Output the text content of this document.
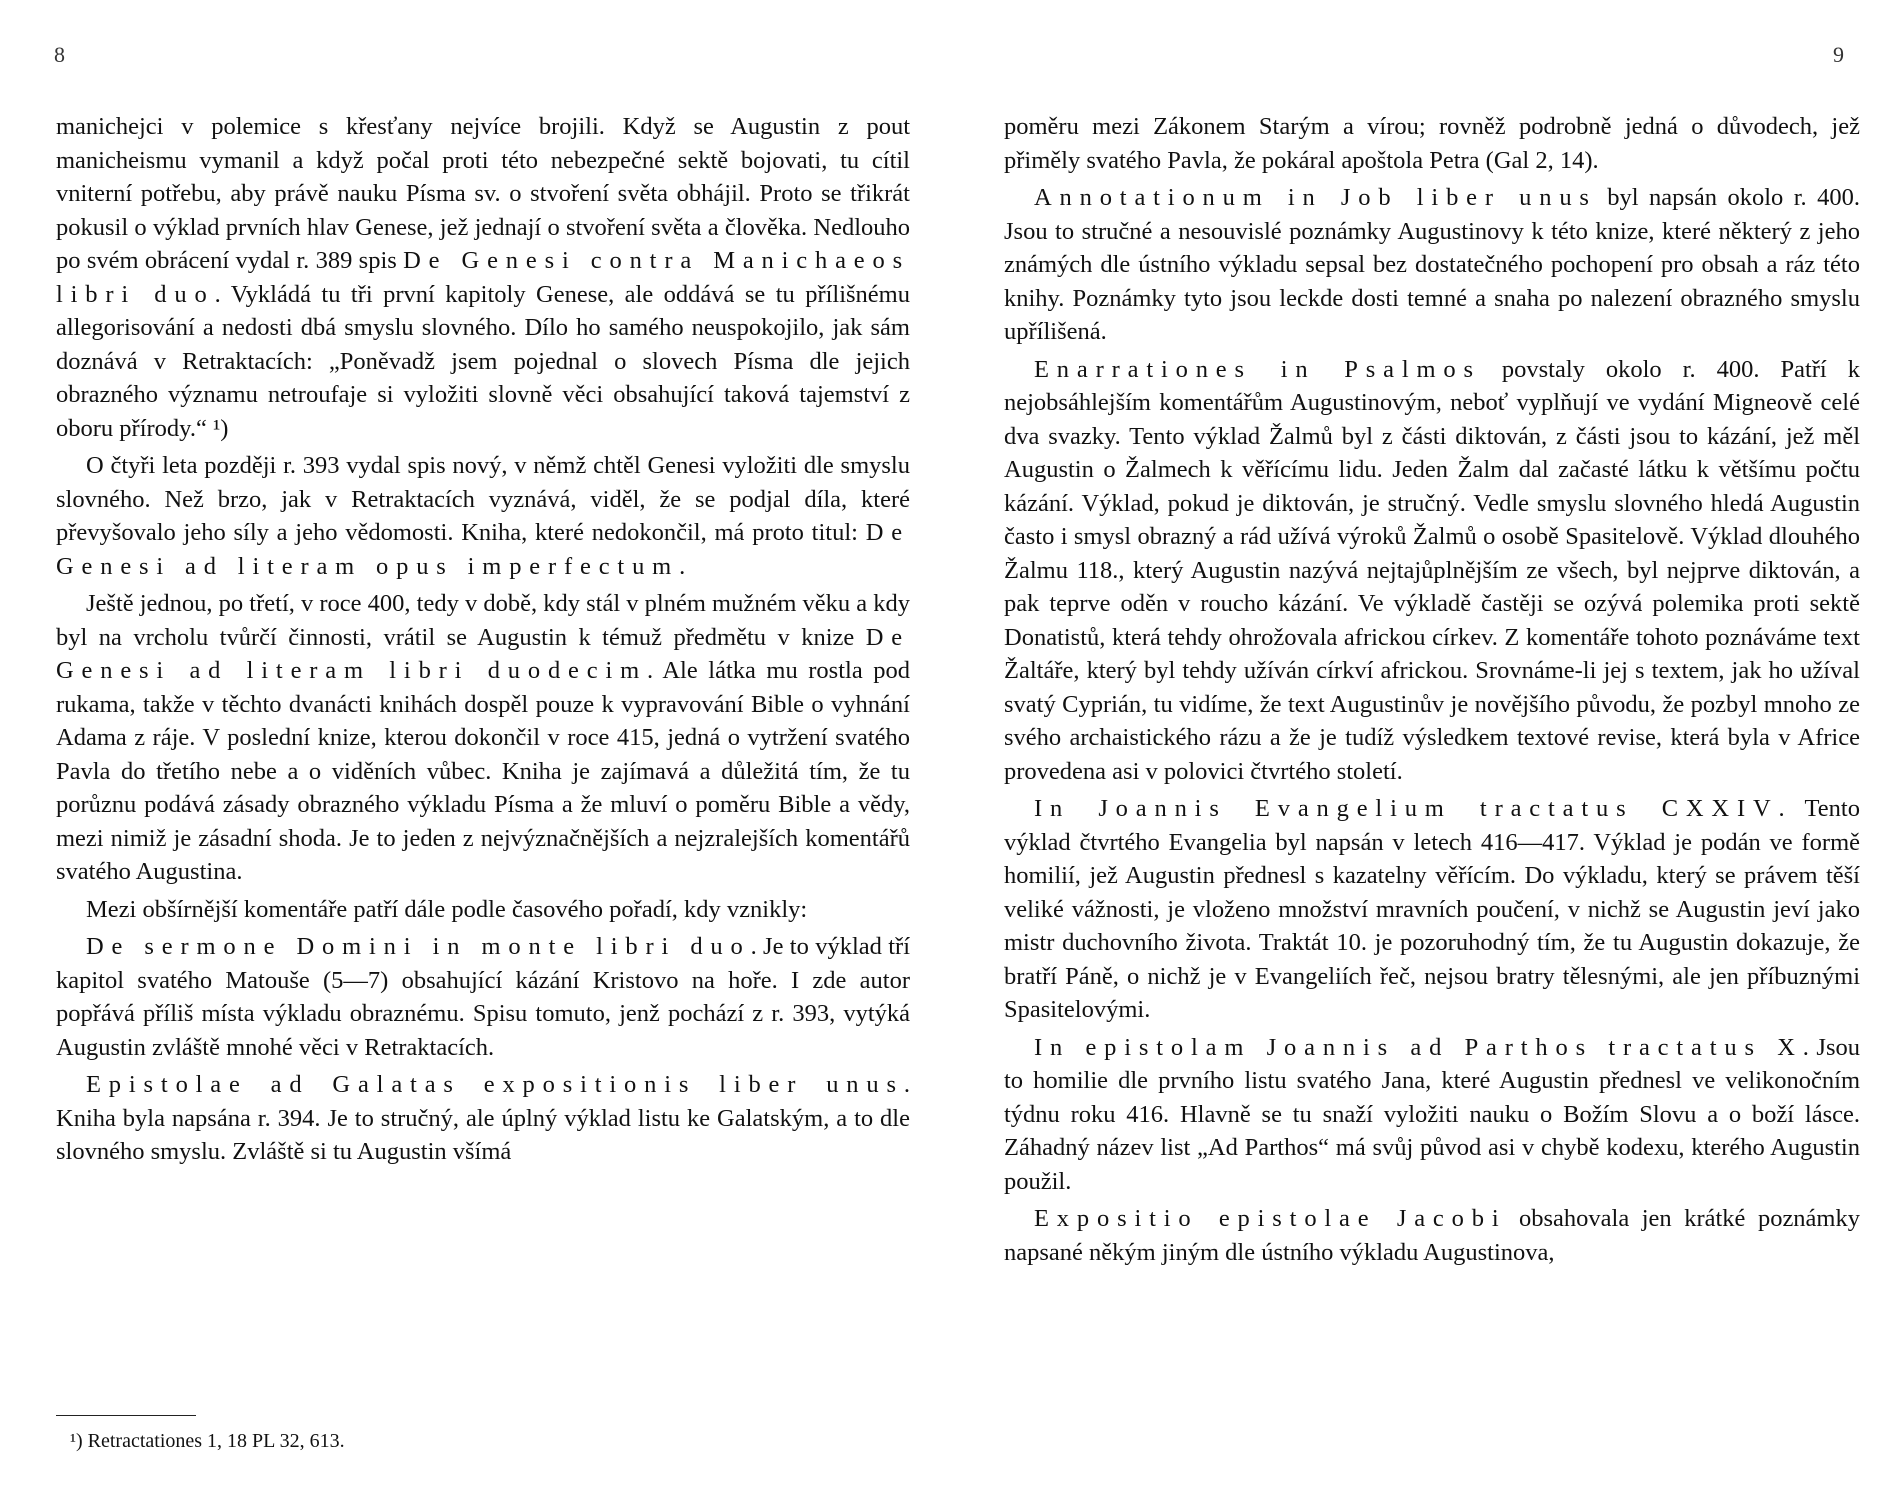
8

manichejci v polemice s křesťany nejvíce brojili. Když se Augustin z pout manicheismu vymanil a když počal proti této nebezpečné sektě bojovati, tu cítil vniterní potřebu, aby právě nauku Písma sv. o stvoření světa obhájil. Proto se třikrát pokusil o výklad prvních hlav Genese, jež jednají o stvoření světa a člověka. Nedlouho po svém obrácení vydal r. 389 spis De Genesi contra Manichaeos libri duo. Vykládá tu tři první kapitoly Genese, ale oddává se tu přílišnému allegorisování a nedosti dbá smyslu slovného. Dílo ho samého neuspokojilo, jak sám doznává v Retraktacích: „Poněvadž jsem pojednal o slovech Písma dle jejich obrazného významu netroufaje si vyložiti slovně věci obsahující taková tajemství z oboru přírody.“ ¹)

O čtyři leta později r. 393 vydal spis nový, v němž chtěl Genesi vyložiti dle smyslu slovného. Než brzo, jak v Retraktacích vyznává, viděl, že se podjal díla, které převyšovalo jeho síly a jeho vědomosti. Kniha, které nedokončil, má proto titul: De Genesi ad literam opus imperfectum.

Ještě jednou, po třetí, v roce 400, tedy v době, kdy stál v plném mužném věku a kdy byl na vrcholu tvůrčí činnosti, vrátil se Augustin k témuž předmětu v knize De Genesi ad literam libri duodecim. Ale látka mu rostla pod rukama, takže v těchto dvanácti knihách dospěl pouze k vypravování Bible o vyhnání Adama z ráje. V poslední knize, kterou dokončil v roce 415, jedná o vytržení svatého Pavla do třetího nebe a o viděních vůbec. Kniha je zajímavá a důležitá tím, že tu porůznu podává zásady obrazného výkladu Písma a že mluví o poměru Bible a vědy, mezi nimiž je zásadní shoda. Je to jeden z nejvýznačnějších a nejzralejších komentářů svatého Augustina.

Mezi obšírnější komentáře patří dále podle časového pořadí, kdy vznikly:

De sermone Domini in monte libri duo. Je to výklad tří kapitol svatého Matouše (5—7) obsahující kázání Kristovo na hoře. I zde autor popřává příliš místa výkladu obraznému. Spisu tomuto, jenž pochází z r. 393, vytýká Augustin zvláště mnohé věci v Retraktacích.

Epistolae ad Galatas expositionis liber unus. Kniha byla napsána r. 394. Je to stručný, ale úplný výklad listu ke Galatským, a to dle slovného smyslu. Zvláště si tu Augustin všímá

¹) Retractationes 1, 18 PL 32, 613.
9

poměru mezi Zákonem Starým a vírou; rovněž podrobně jedná o důvodech, jež přiměly svatého Pavla, že pokáral apoštola Petra (Gal 2, 14).

Annotationum in Job liber unus byl napsán okolo r. 400. Jsou to stručné a nesouvislé poznámky Augustinovy k této knize, které některý z jeho známých dle ústního výkladu sepsal bez dostatečného pochopení pro obsah a ráz této knihy. Poznámky tyto jsou leckde dosti temné a snaha po nalezení obrazného smyslu upřílišená.

Enarrationes in Psalmos povstaly okolo r. 400. Patří k nejobsáhlejším komentářům Augustinovým, neboť vyplňují ve vydání Migneově celé dva svazky. Tento výklad Žalmů byl z části diktován, z části jsou to kázání, jež měl Augustin o Žalmech k věřícímu lidu. Jeden Žalm dal začasté látku k většímu počtu kázání. Výklad, pokud je diktován, je stručný. Vedle smyslu slovného hledá Augustin často i smysl obrazný a rád užívá výroků Žalmů o osobě Spasitelově. Výklad dlouhého Žalmu 118., který Augustin nazývá nejtajůplnějším ze všech, byl nejprve diktován, a pak teprve oděn v roucho kázání. Ve výkladě častěji se ozývá polemika proti sektě Donatistů, která tehdy ohrožovala africkou církev. Z komentáře tohoto poznáváme text Žaltáře, který byl tehdy užíván církví africkou. Srovnáme-li jej s textem, jak ho užíval svatý Cyprián, tu vidíme, že text Augustinův je novějšího původu, že pozbyl mnoho ze svého archaistického rázu a že je tudíž výsledkem textové revise, která byla v Africe provedena asi v polovici čtvrtého století.

In Joannis Evangelium tractatus CXXIV. Tento výklad čtvrtého Evangelia byl napsán v letech 416—417. Výklad je podán ve formě homilií, jež Augustin přednesl s kazatelny věřícím. Do výkladu, který se právem těší veliké vážnosti, je vloženo množství mravních poučení, v nichž se Augustin jeví jako mistr duchovního života. Traktát 10. je pozoruhodný tím, že tu Augustin dokazuje, že bratří Páně, o nichž je v Evangeliích řeč, nejsou bratry tělesnými, ale jen příbuznými Spasitelovými.

In epistolam Joannis ad Parthos tractatus X. Jsou to homilie dle prvního listu svatého Jana, které Augustin přednesl ve velikonočním týdnu roku 416. Hlavně se tu snaží vyložiti nauku o Božím Slovu a o boží lásce. Záhadný název list „Ad Parthos“ má svůj původ asi v chybě kodexu, kterého Augustin použil.

Expositio epistolae Jacobi obsahovala jen krátké poznámky napsané někým jiným dle ústního výkladu Augustinova,
